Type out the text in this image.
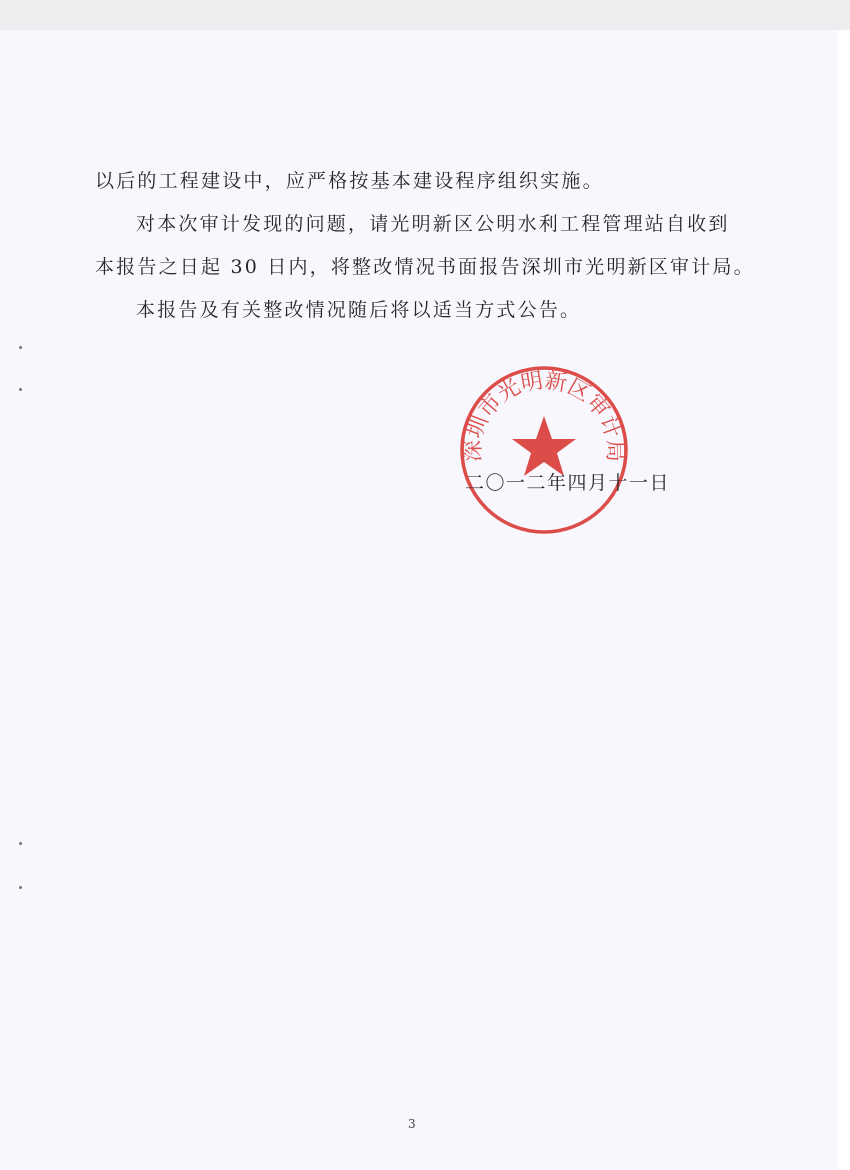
以后的工程建设中，应严格按基本建设程序组织实施。
对本次审计发现的问题，请光明新区公明水利工程管理站自收到
本报告之日起 30 日内，将整改情况书面报告深圳市光明新区审计局。
本报告及有关整改情况随后将以适当方式公告。
深圳市光明新区审计局
二〇一二年四月十一日
3
